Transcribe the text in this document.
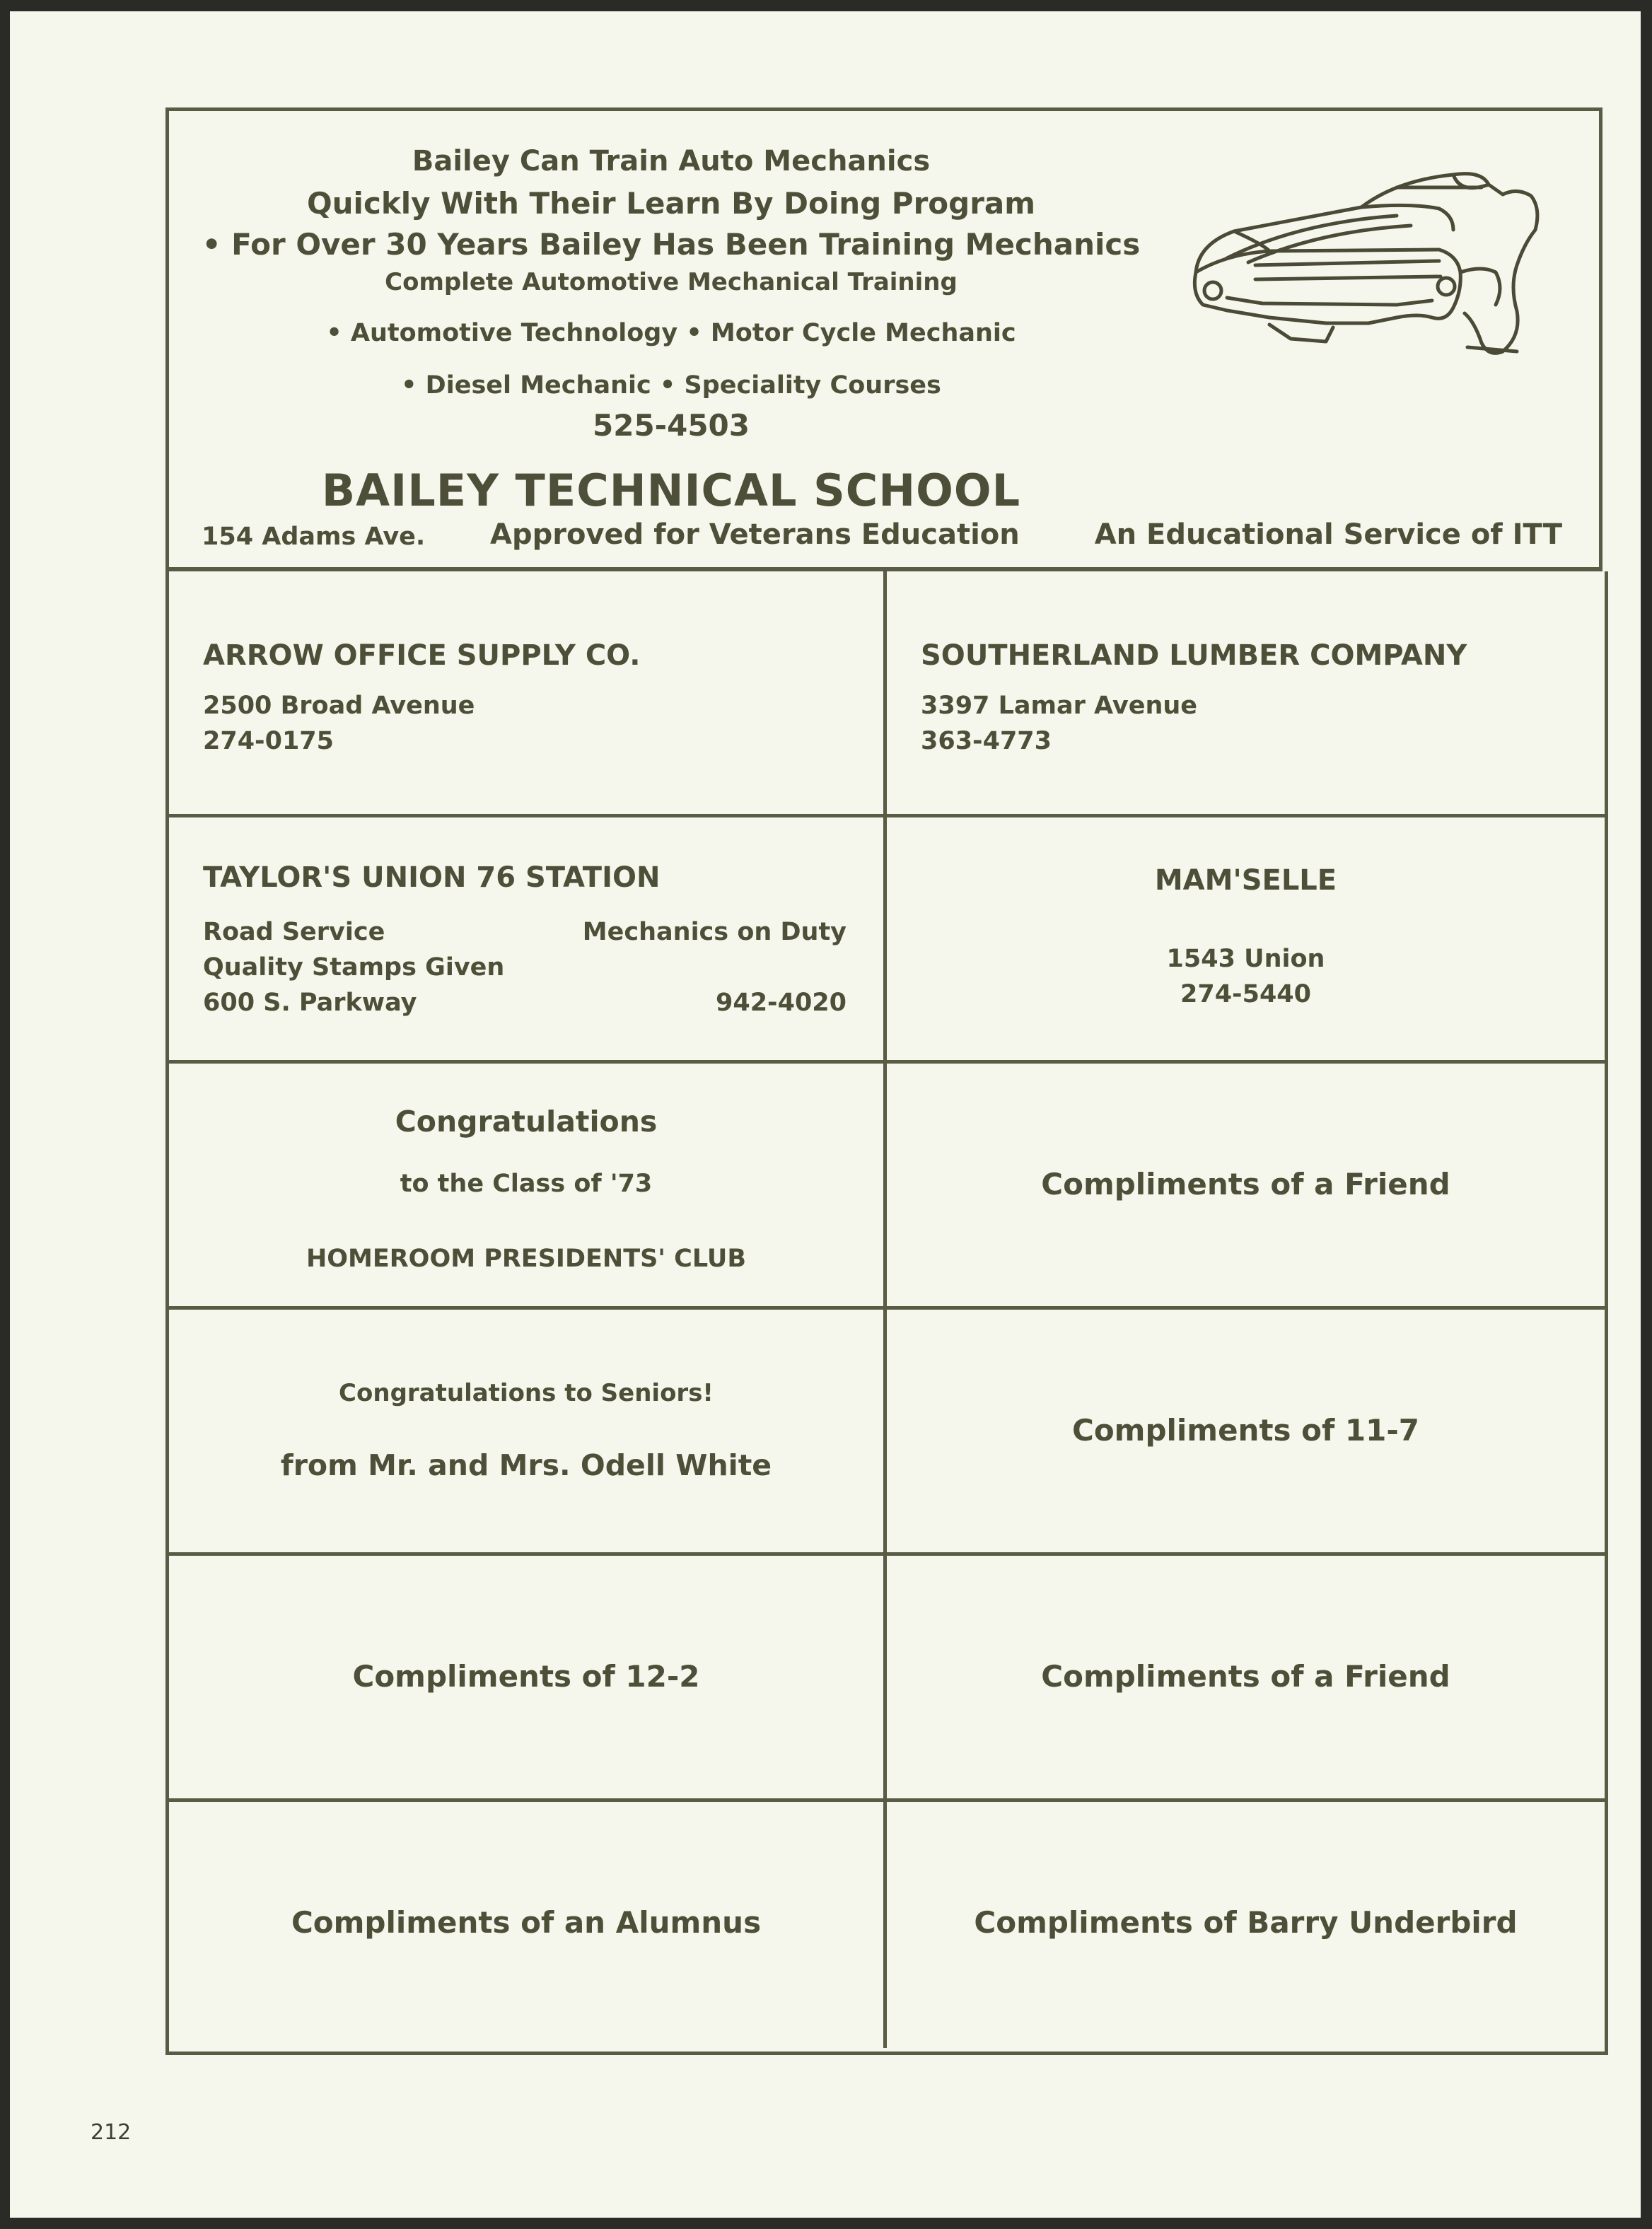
Bailey Can Train Auto Mechanics
Quickly With Their Learn By Doing Program
• For Over 30 Years Bailey Has Been Training Mechanics
Complete Automotive Mechanical Training
• Automotive Technology • Motor Cycle Mechanic
• Diesel Mechanic • Speciality Courses
525-4503
BAILEY TECHNICAL SCHOOL
154 Adams Ave. Approved for Veterans Education	An Educational Service of ITT
ARROW OFFICE SUPPLY CO.
2500 Broad Avenue
274-0175
SOUTHERLAND LUMBER COMPANY
3397 Lamar Avenue
363-4773
TAYLOR'S UNION 76 STATION
Road Service	Mechanics on Duty
Quality Stamps Given
600 S. Parkway	942-4020
MAM'SELLE
1543 Union
274-5440
Congratulations
to the Class of '73
HOMEROOM PRESIDENTS' CLUB
Compliments of a Friend
Congratulations to Seniors!
from Mr. and Mrs. Odell White
Compliments of 11-7
Compliments of 12-2	Compliments of a Friend
Compliments of an Alumnus	Compliments of Barry Underbird
212
